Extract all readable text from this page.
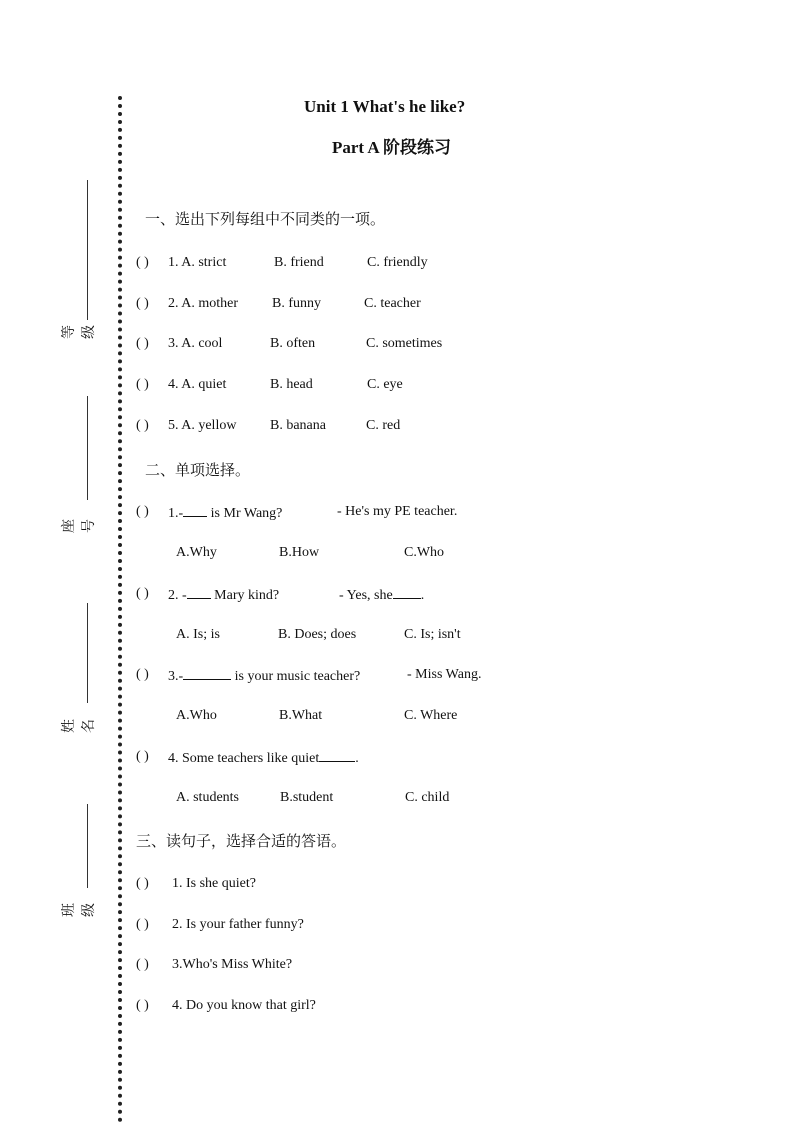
等级
座号
姓名
班级
Unit 1 What's he like?
Part A 阶段练习
一、选出下列每组中不同类的一项。
( ) 1. A. strict	B. friend	C. friendly
( ) 2. A. mother B. funny	C. teacher
( ) 3. A. cool	B. often	C. sometimes
( ) 4. A. quiet	B. head	C. eye
( ) 5. A. yellow B. banana	C. red
二、单项选择。
( ) 1.- is Mr Wang?	- He's my PE teacher.
A.Why	B.How	C.Who
( ) 2. - Mary kind?	- Yes, she .
A. Is; is	B. Does; does	C. Is; isn't
( ) 3.-	is your music teacher?	- Miss Wang.
A.Who	B.What	C. Where
( ) 4. Some teachers like quiet	.
A. students	B.student	C. child
三、读句子，选择合适的答语。
( ) 1. Is she quiet?
( ) 2. Is your father funny?
( ) 3.Who's Miss White?
( ) 4. Do you know that girl?
